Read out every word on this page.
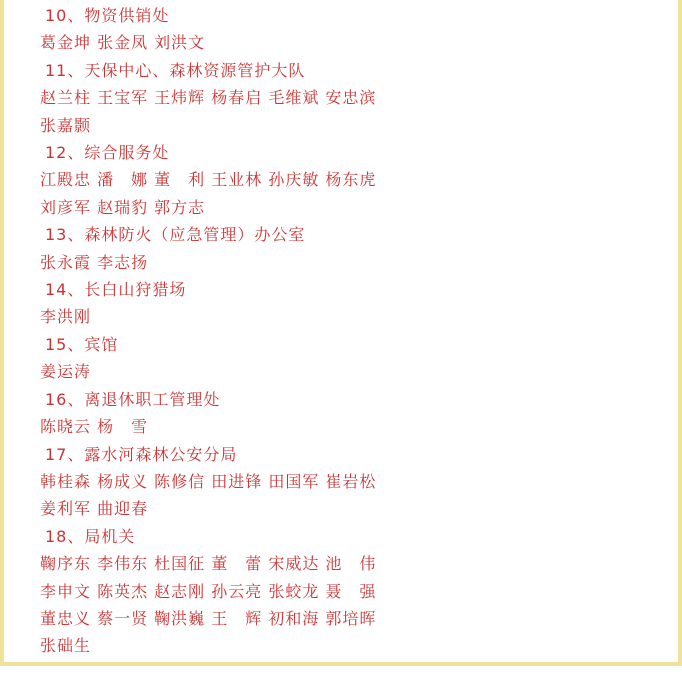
10、物资供销处

葛金坤 张金凤 刘洪文

11、天保中心、森林资源管护大队

赵兰柱 王宝军 王炜辉 杨春启 毛维斌 安忠滨

张嘉颢

12、综合服务处

江殿忠 潘　娜 董　利 王业林 孙庆敏 杨东虎

刘彦军 赵瑞豹 郭方志

13、森林防火（应急管理）办公室

张永霞 李志扬

14、长白山狩猎场

李洪刚

15、宾馆

姜运涛

16、离退休职工管理处

陈晓云 杨　雪

17、露水河森林公安分局

韩桂森 杨成义 陈修信 田进锋 田国军 崔岩松

姜利军 曲迎春

18、局机关

鞠序东 李伟东 杜国征 董　蕾 宋威达 池　伟

李申文 陈英杰 赵志刚 孙云亮 张蛟龙 聂　强

董忠义 蔡一贤 鞠洪巍 王　辉 初和海 郭培晖

张础生
